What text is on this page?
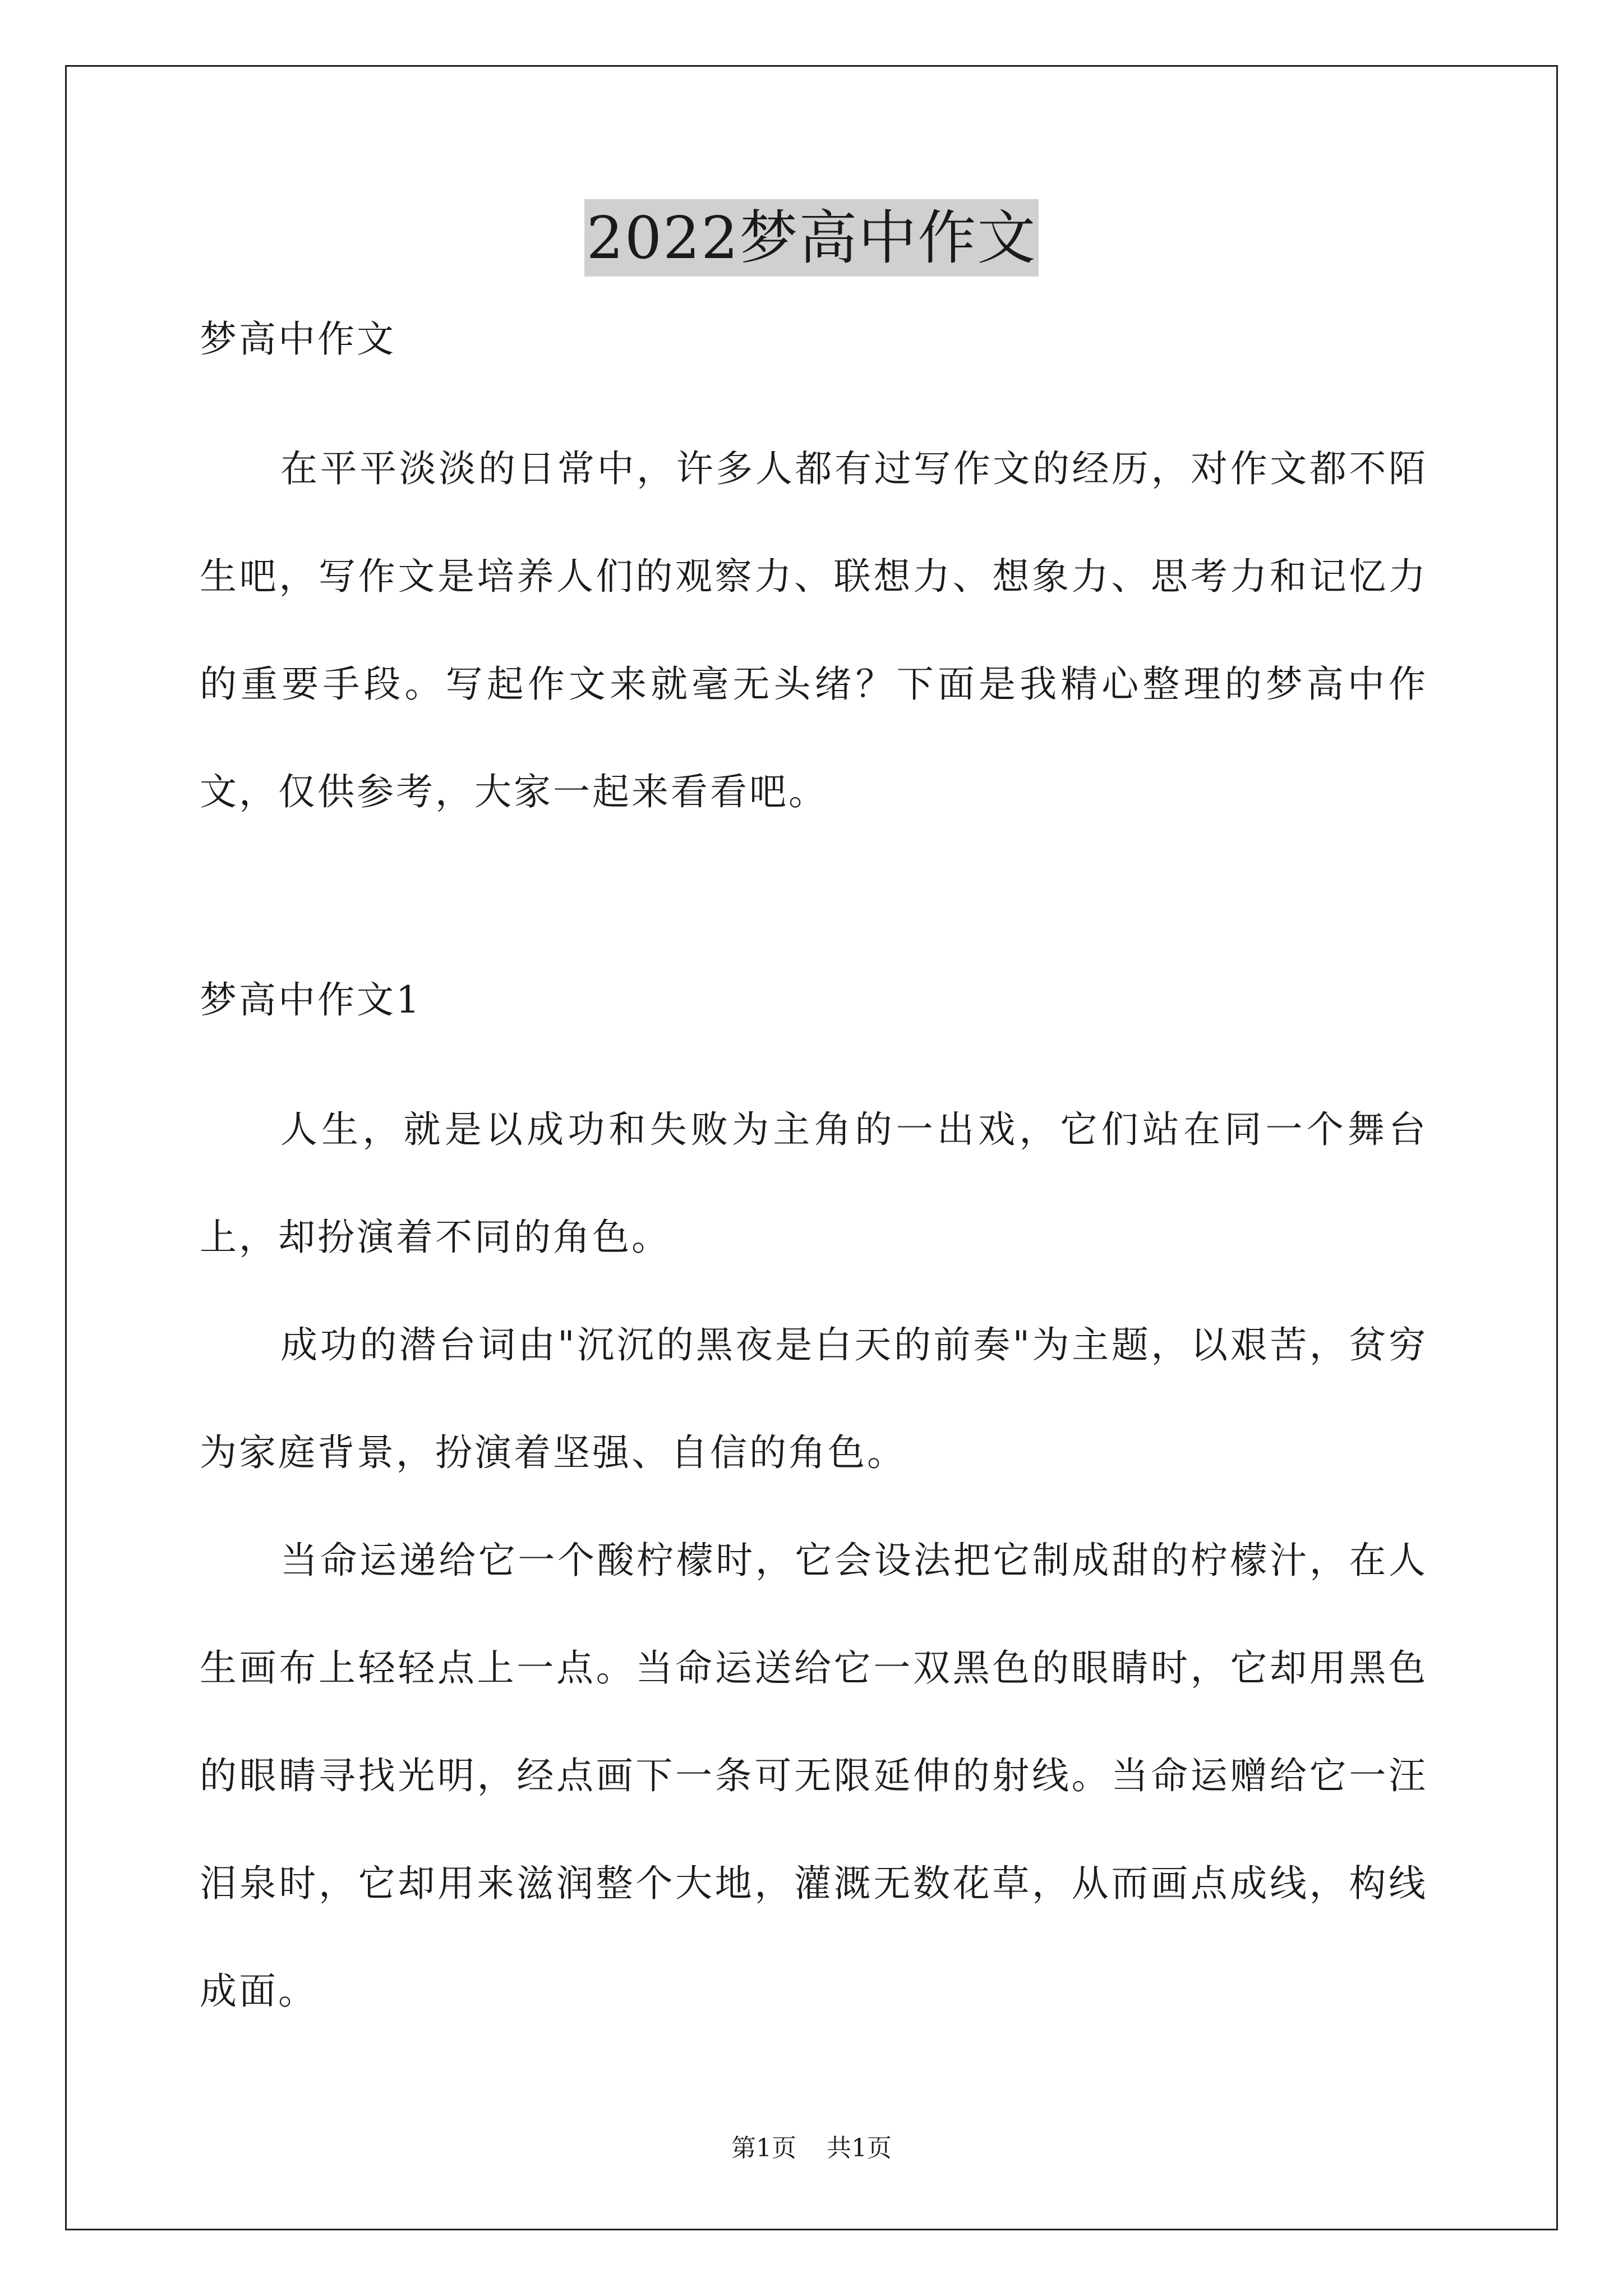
2022梦高中作文

梦高中作文

在平平淡淡的日常中，许多人都有过写作文的经历，对作文都不陌生吧，写作文是培养人们的观察力、联想力、想象力、思考力和记忆力的重要手段。写起作文来就毫无头绪？下面是我精心整理的梦高中作文，仅供参考，大家一起来看看吧。

梦高中作文1

人生，就是以成功和失败为主角的一出戏，它们站在同一个舞台上，却扮演着不同的角色。

成功的潜台词由"沉沉的黑夜是白天的前奏"为主题，以艰苦，贫穷为家庭背景，扮演着坚强、自信的角色。

当命运递给它一个酸柠檬时，它会设法把它制成甜的柠檬汁，在人生画布上轻轻点上一点。当命运送给它一双黑色的眼睛时，它却用黑色的眼睛寻找光明，经点画下一条可无限延伸的射线。当命运赠给它一汪泪泉时，它却用来滋润整个大地，灌溉无数花草，从而画点成线，构线成面。

第1页 共1页
